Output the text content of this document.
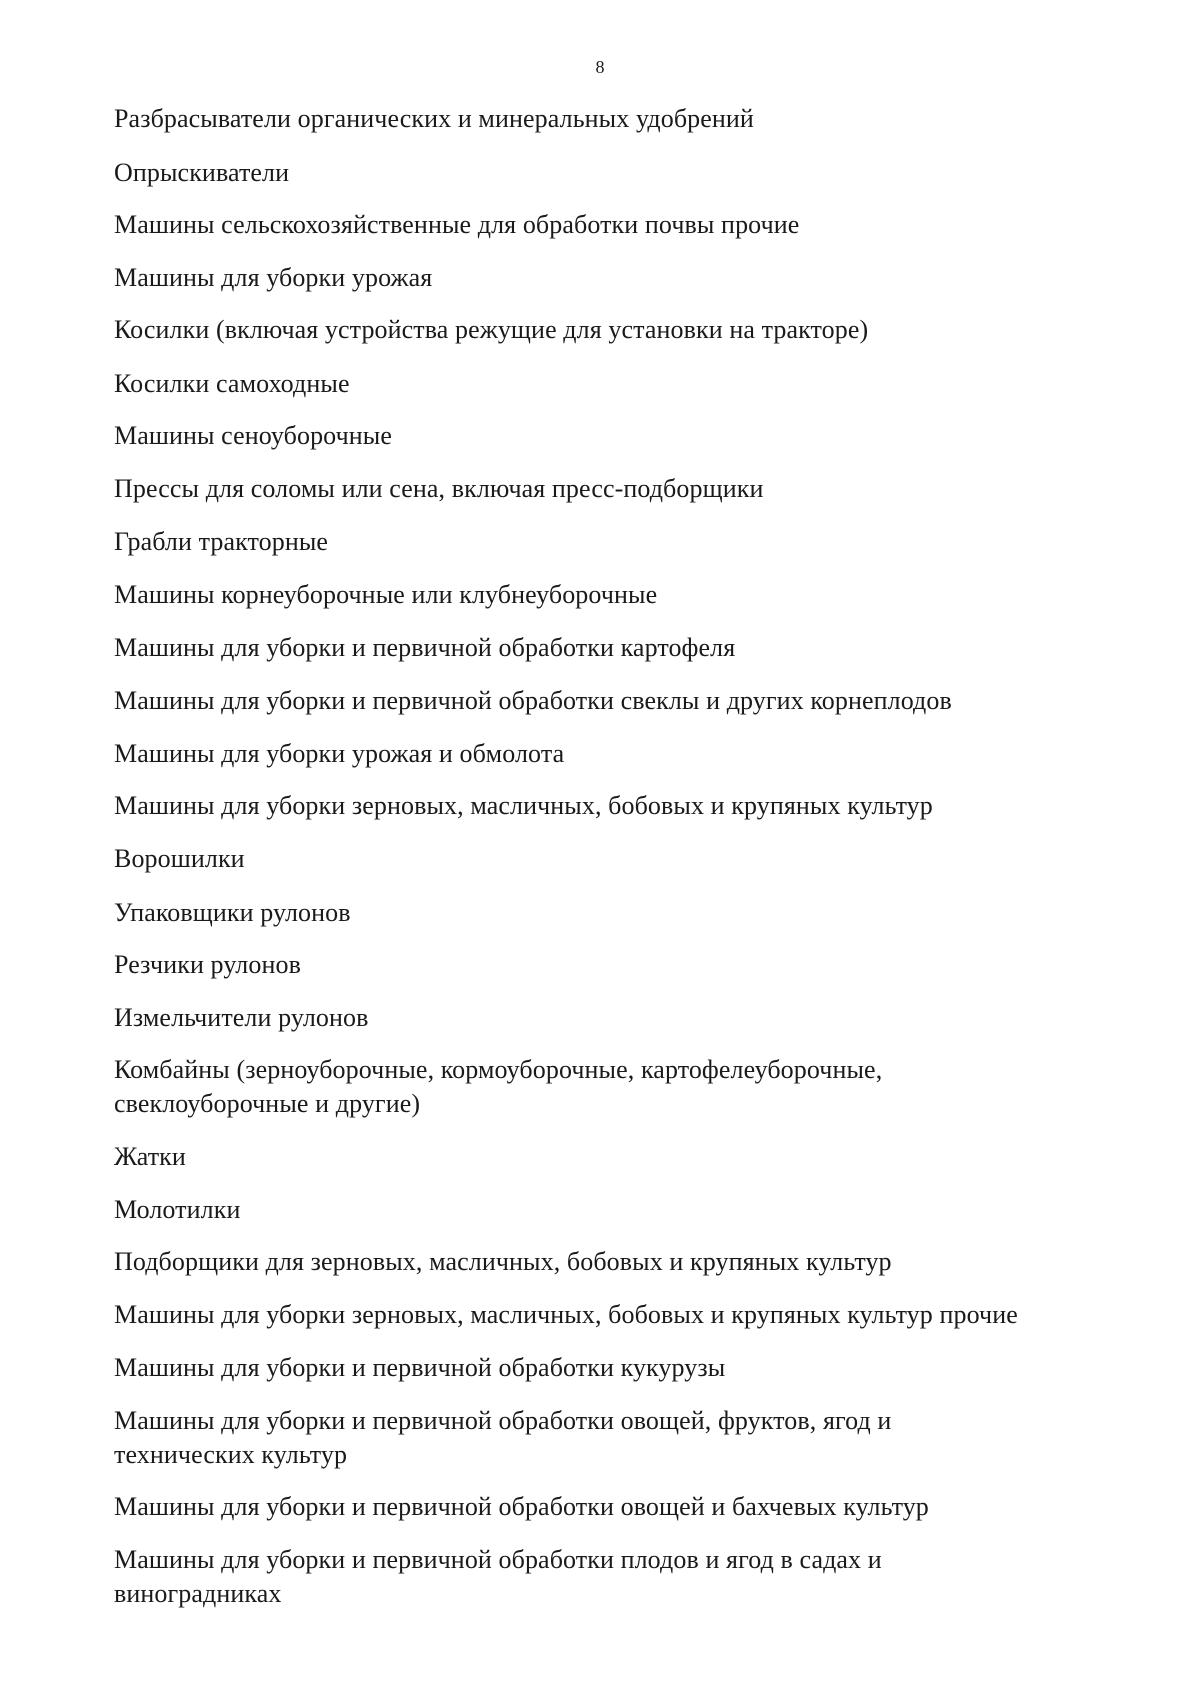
8

Разбрасыватели органических и минеральных удобрений

Опрыскиватели

Машины сельскохозяйственные для обработки почвы прочие

Машины для уборки урожая

Косилки (включая устройства режущие для установки на тракторе)

Косилки самоходные

Машины сеноуборочные

Прессы для соломы или сена, включая пресс-подборщики

Грабли тракторные

Машины корнеуборочные или клубнеуборочные

Машины для уборки и первичной обработки картофеля

Машины для уборки и первичной обработки свеклы и других корнеплодов

Машины для уборки урожая и обмолота

Машины для уборки зерновых, масличных, бобовых и крупяных культур

Ворошилки

Упаковщики рулонов

Резчики рулонов

Измельчители рулонов

Комбайны (зерноуборочные, кормоуборочные, картофелеуборочные, свеклоуборочные и другие)

Жатки

Молотилки

Подборщики для зерновых, масличных, бобовых и крупяных культур

Машины для уборки зерновых, масличных, бобовых и крупяных культур прочие

Машины для уборки и первичной обработки кукурузы

Машины для уборки и первичной обработки овощей, фруктов, ягод и технических культур

Машины для уборки и первичной обработки овощей и бахчевых культур

Машины для уборки и первичной обработки плодов и ягод в садах и виноградниках
